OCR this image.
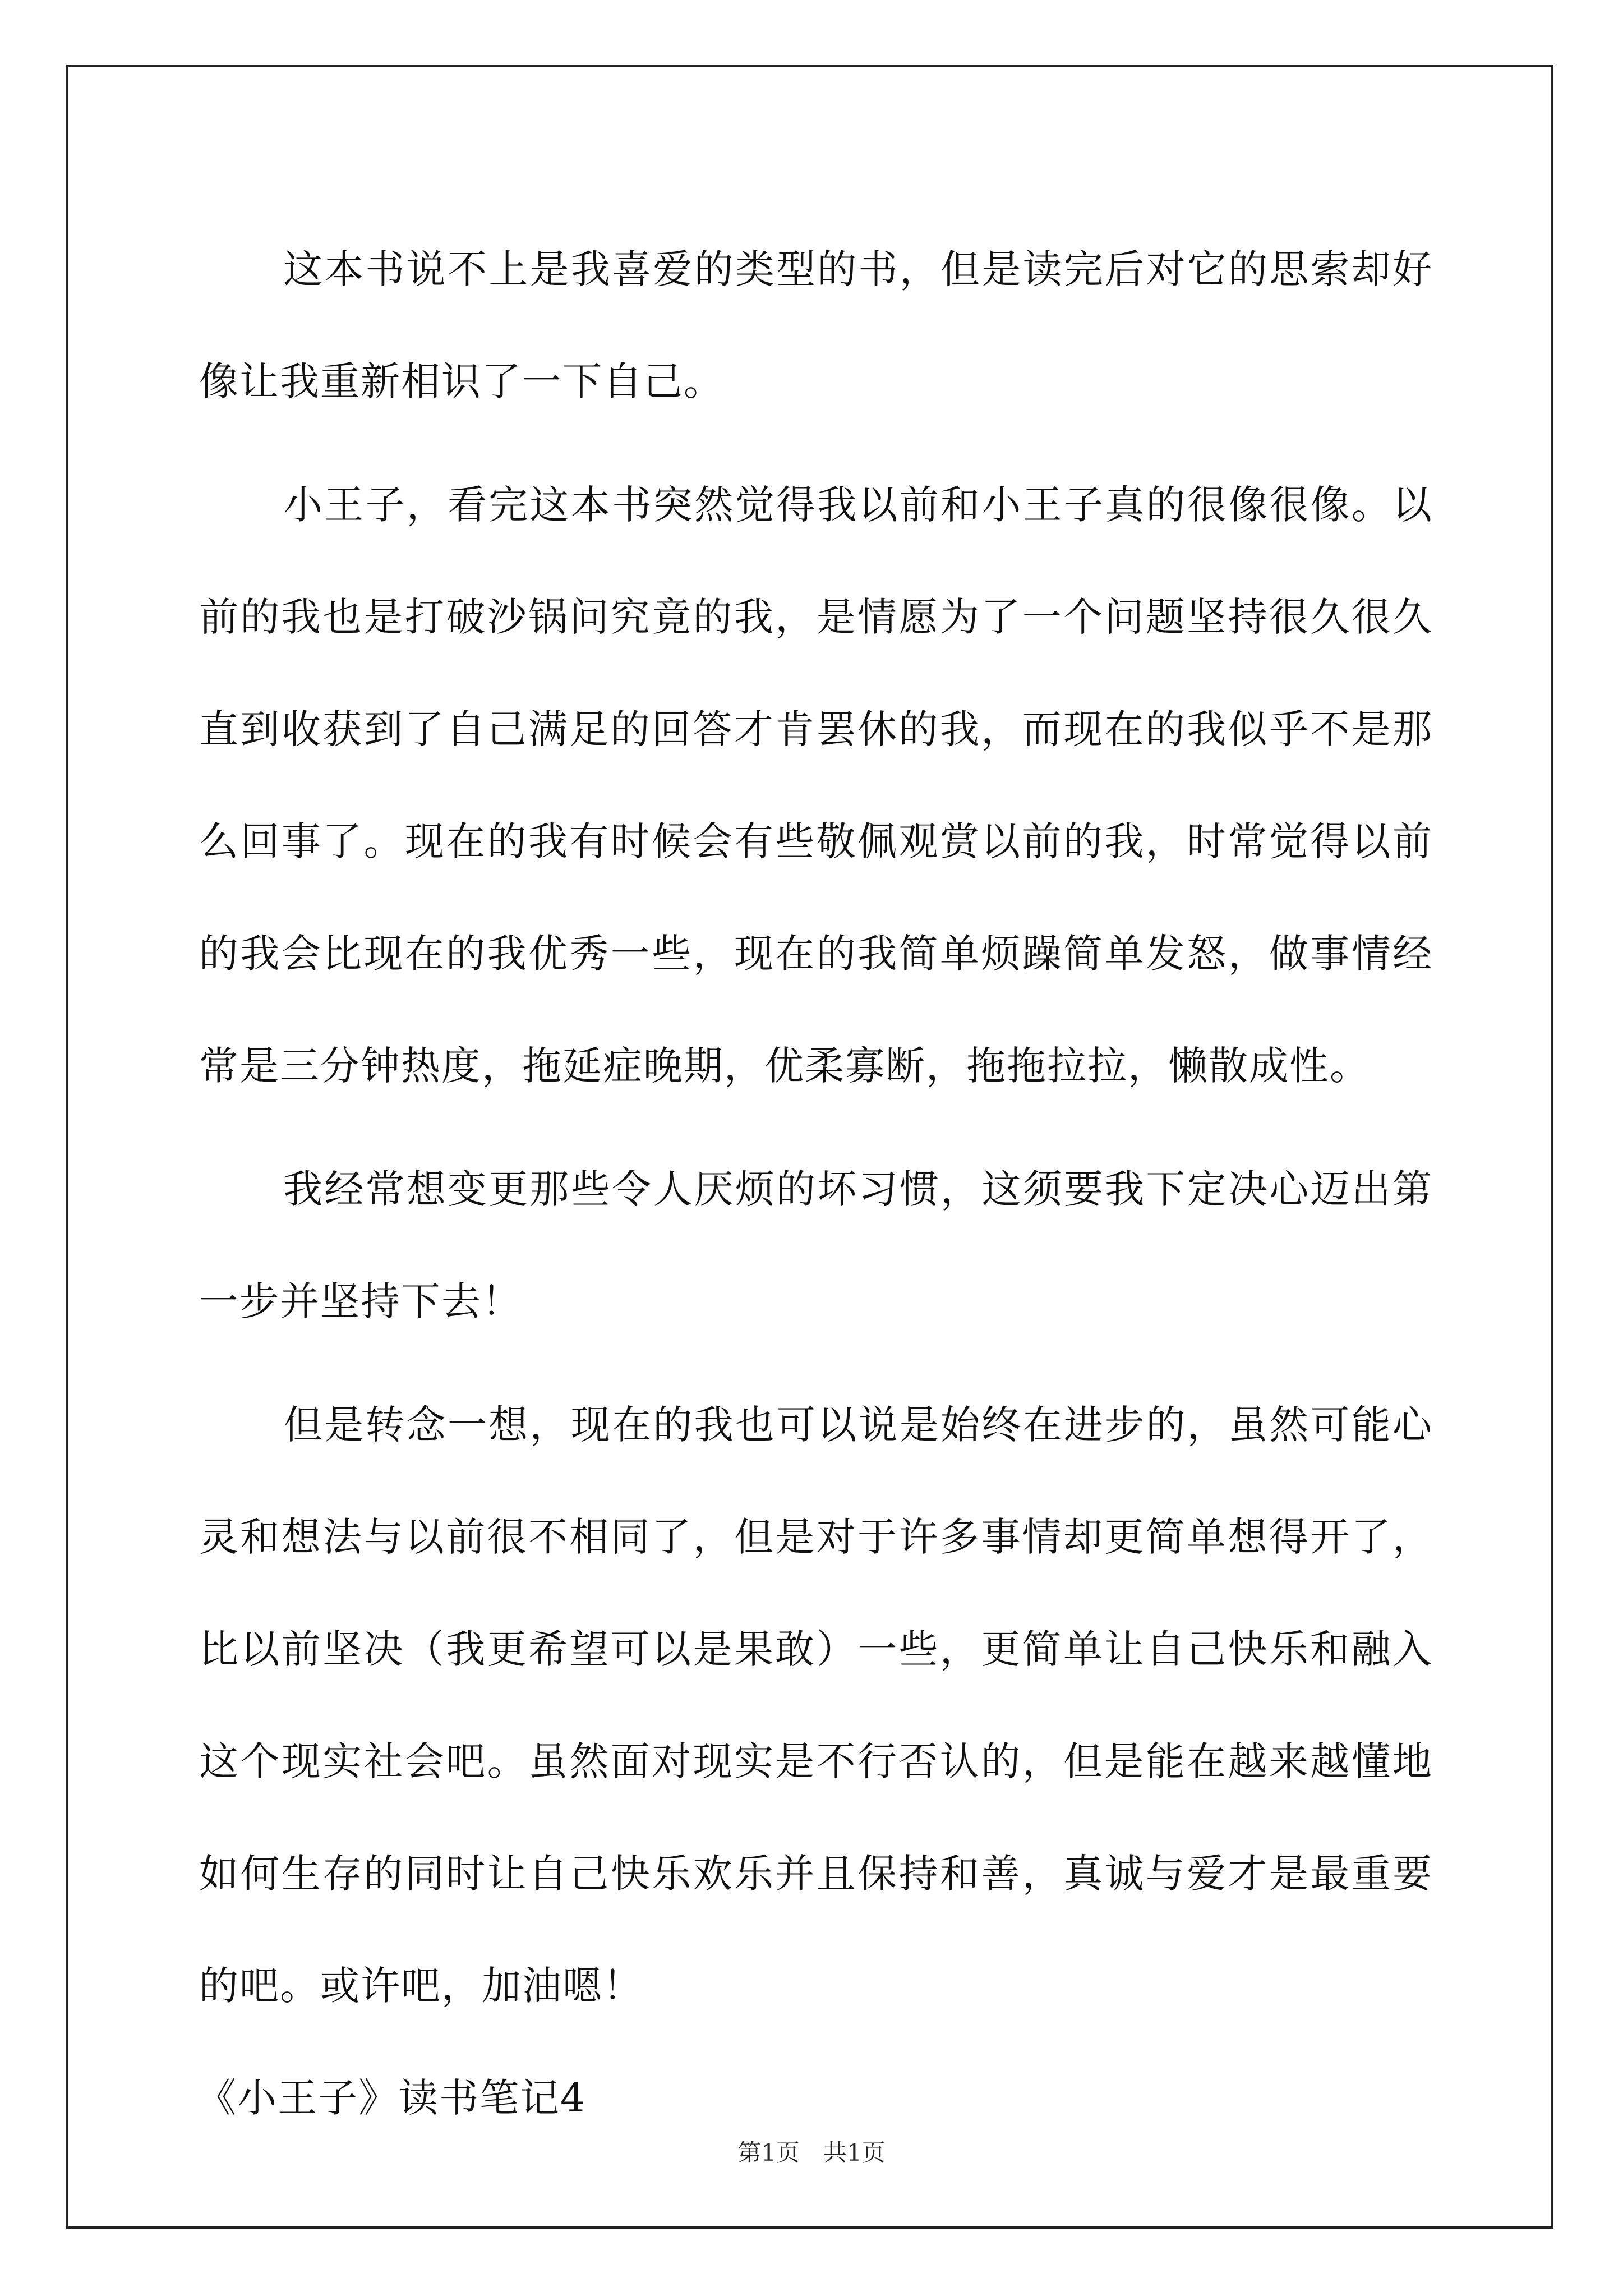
这本书说不上是我喜爱的类型的书，但是读完后对它的思索却好像让我重新相识了一下自己。

小王子，看完这本书突然觉得我以前和小王子真的很像很像。以前的我也是打破沙锅问究竟的我，是情愿为了一个问题坚持很久很久直到收获到了自己满足的回答才肯罢休的我，而现在的我似乎不是那么回事了。现在的我有时候会有些敬佩观赏以前的我，时常觉得以前的我会比现在的我优秀一些，现在的我简单烦躁简单发怒，做事情经常是三分钟热度，拖延症晚期，优柔寡断，拖拖拉拉，懒散成性。

我经常想变更那些令人厌烦的坏习惯，这须要我下定决心迈出第一步并坚持下去！

但是转念一想，现在的我也可以说是始终在进步的，虽然可能心灵和想法与以前很不相同了，但是对于许多事情却更简单想得开了，比以前坚决（我更希望可以是果敢）一些，更简单让自己快乐和融入这个现实社会吧。虽然面对现实是不行否认的，但是能在越来越懂地如何生存的同时让自己快乐欢乐并且保持和善，真诚与爱才是最重要的吧。或许吧，加油嗯！

《小王子》读书笔记4
第1页　共1页
